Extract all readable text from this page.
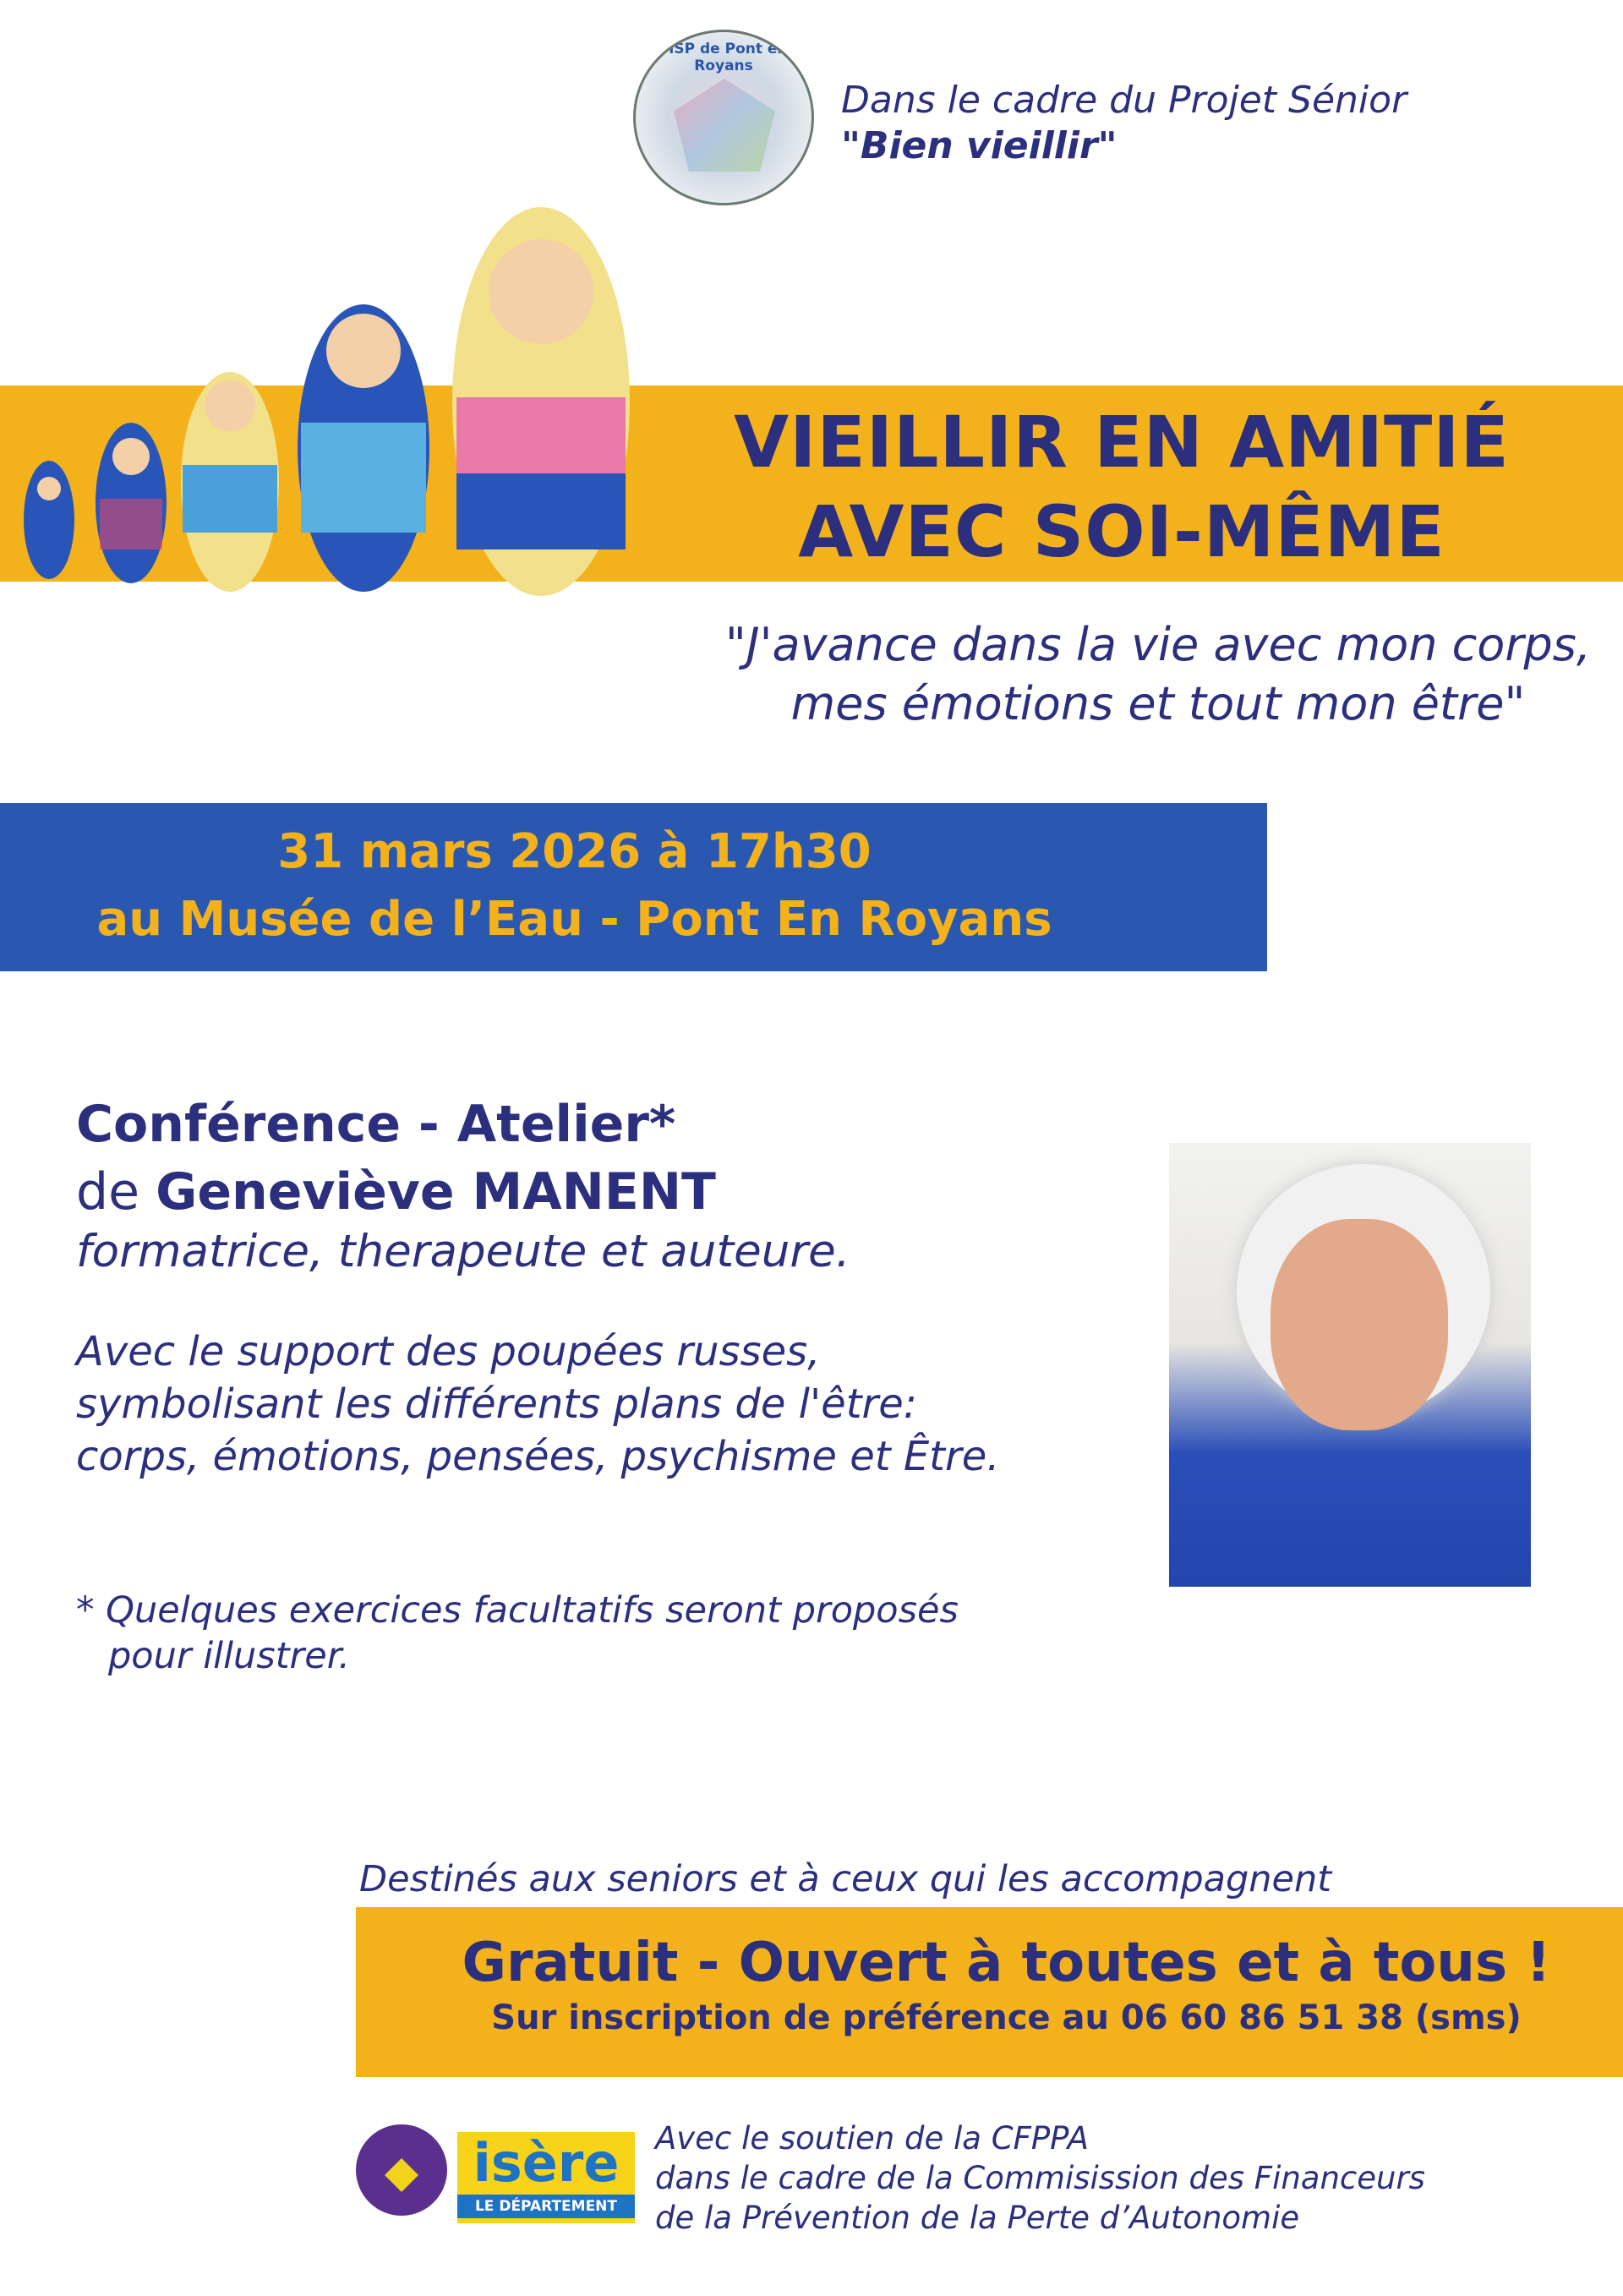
MSP de Pont en Royans
Dans le cadre du Projet Sénior
"Bien vieillir"
VIEILLIR EN AMITIÉ
AVEC SOI-MÊME
"J'avance dans la vie avec mon corps,
mes émotions et tout mon être"
31 mars 2026 à 17h30
au Musée de l’Eau - Pont En Royans
Conférence - Atelier*
de Geneviève MANENT
formatrice, therapeute et auteure.
Avec le support des poupées russes,
symbolisant les différents plans de l'être:
corps, émotions, pensées, psychisme et Être.
* Quelques exercices facultatifs seront proposés
pour illustrer.
Destinés aux seniors et à ceux qui les accompagnent
Gratuit - Ouvert à toutes et à tous !
Sur inscription de préférence au 06 60 86 51 38 (sms)
isère
LE DÉPARTEMENT
Avec le soutien de la CFPPA
dans le cadre de la Commisission des Financeurs
de la Prévention de la Perte d’Autonomie
